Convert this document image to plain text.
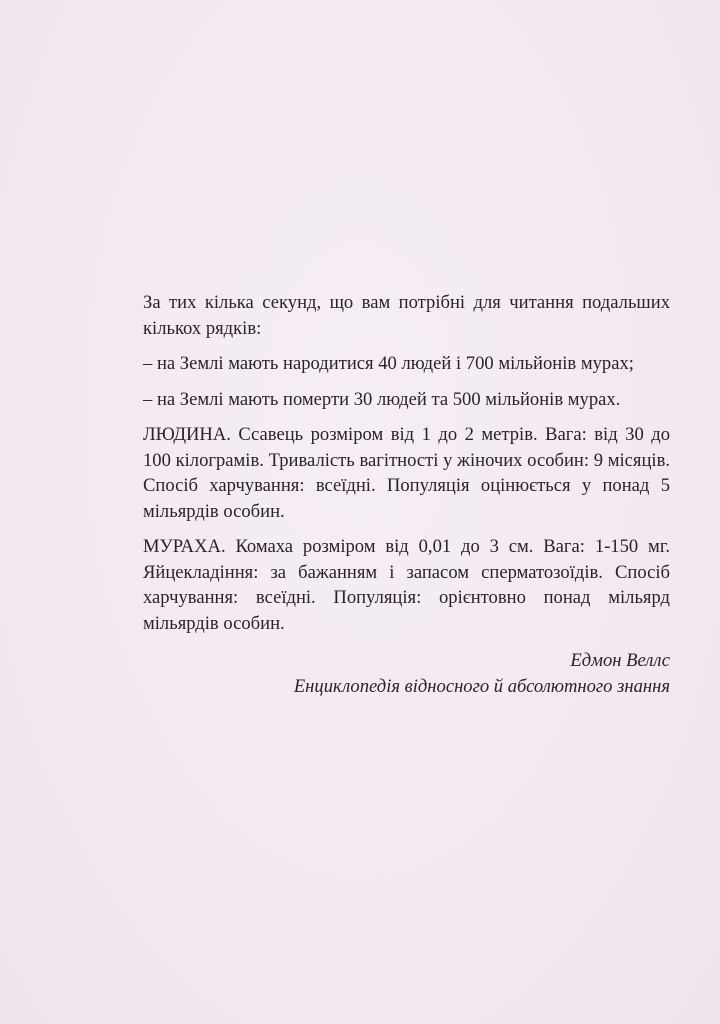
За тих кілька секунд, що вам потрібні для читання подальших кількох рядків:

– на Землі мають народитися 40 людей і 700 мільйонів мурах;

– на Землі мають померти 30 людей та 500 мільйонів мурах.

ЛЮДИНА. Ссавець розміром від 1 до 2 метрів. Вага: від 30 до 100 кілограмів. Тривалість вагітності у жіночих особин: 9 місяців. Спосіб харчування: всеїдні. Популяція оцінюється у понад 5 мільярдів особин.

МУРАХА. Комаха розміром від 0,01 до 3 см. Вага: 1-150 мг. Яйцекладіння: за бажанням і запасом сперматозоїдів. Спосіб харчування: всеїдні. Популяція: орієнтовно понад мільярд мільярдів особин.

Едмон Веллс

Енциклопедія відносного й абсолютного знання
